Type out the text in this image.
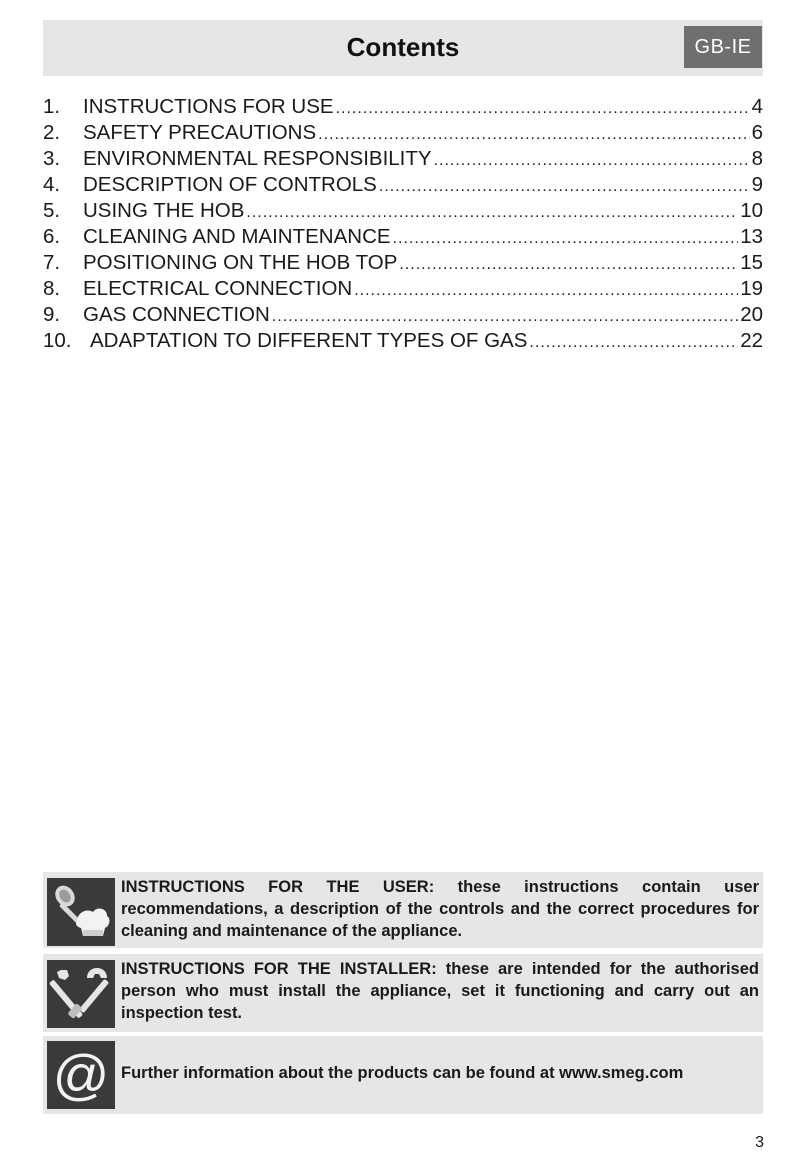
Contents	GB-IE
1.	INSTRUCTIONS FOR USE .....	4
2.	SAFETY PRECAUTIONS .....	6
3.	ENVIRONMENTAL RESPONSIBILITY .....	8
4.	DESCRIPTION OF CONTROLS .....	9
5.	USING THE HOB .....	10
6.	CLEANING AND MAINTENANCE .....	13
7.	POSITIONING ON THE HOB TOP .....	15
8.	ELECTRICAL CONNECTION .....	19
9.	GAS CONNECTION .....	20
10. ADAPTATION TO DIFFERENT TYPES OF GAS .....	22
INSTRUCTIONS FOR THE USER: these instructions contain user recommendations, a description of the controls and the correct procedures for cleaning and maintenance of the appliance.
INSTRUCTIONS FOR THE INSTALLER: these are intended for the authorised person who must install the appliance, set it functioning and carry out an inspection test.
@ Further information about the products can be found at www.smeg.com
3
